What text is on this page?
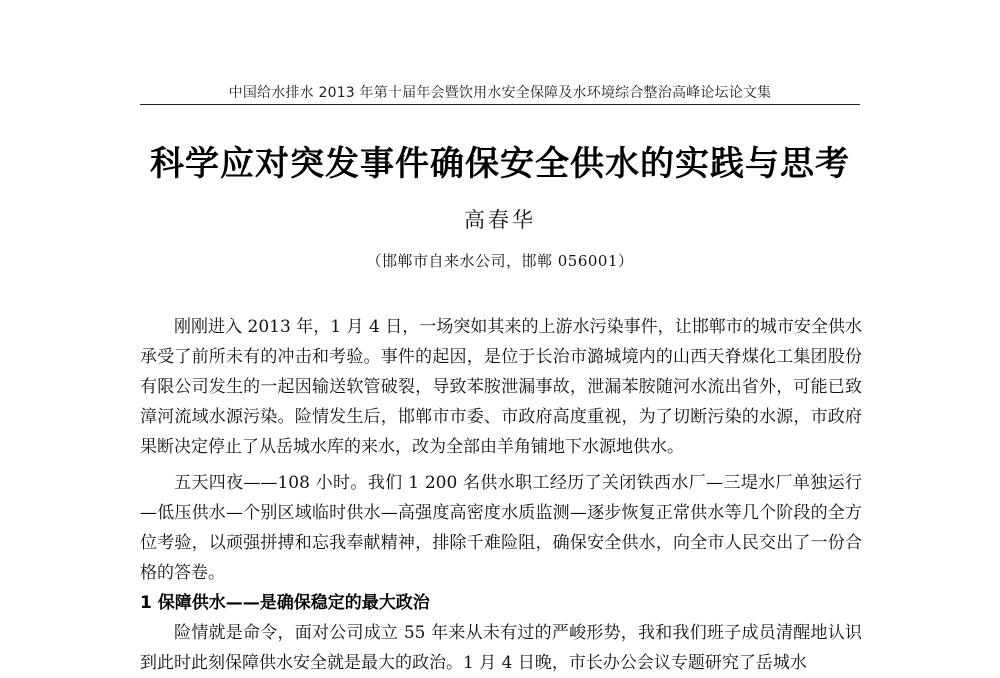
中国给水排水 2013 年第十届年会暨饮用水安全保障及水环境综合整治高峰论坛论文集
科学应对突发事件确保安全供水的实践与思考
高春华
（邯郸市自来水公司，邯郸 056001）

刚刚进入 2013 年，1 月 4 日，一场突如其来的上游水污染事件，让邯郸市的城市安全供水承受了前所未有的冲击和考验。事件的起因，是位于长治市潞城境内的山西天脊煤化工集团股份有限公司发生的一起因输送软管破裂，导致苯胺泄漏事故，泄漏苯胺随河水流出省外，可能已致漳河流域水源污染。险情发生后，邯郸市市委、市政府高度重视，为了切断污染的水源，市政府果断决定停止了从岳城水库的来水，改为全部由羊角铺地下水源地供水。

五天四夜——108 小时。我们 1 200 名供水职工经历了关闭铁西水厂—三堤水厂单独运行—低压供水—个别区域临时供水—高强度高密度水质监测—逐步恢复正常供水等几个阶段的全方位考验，以顽强拼搏和忘我奉献精神，排除千难险阻，确保安全供水，向全市人民交出了一份合格的答卷。

1 保障供水——是确保稳定的最大政治

险情就是命令，面对公司成立 55 年来从未有过的严峻形势，我和我们班子成员清醒地认识到此时此刻保障供水安全就是最大的政治。1 月 4 日晚，市长办公会议专题研究了岳城水
